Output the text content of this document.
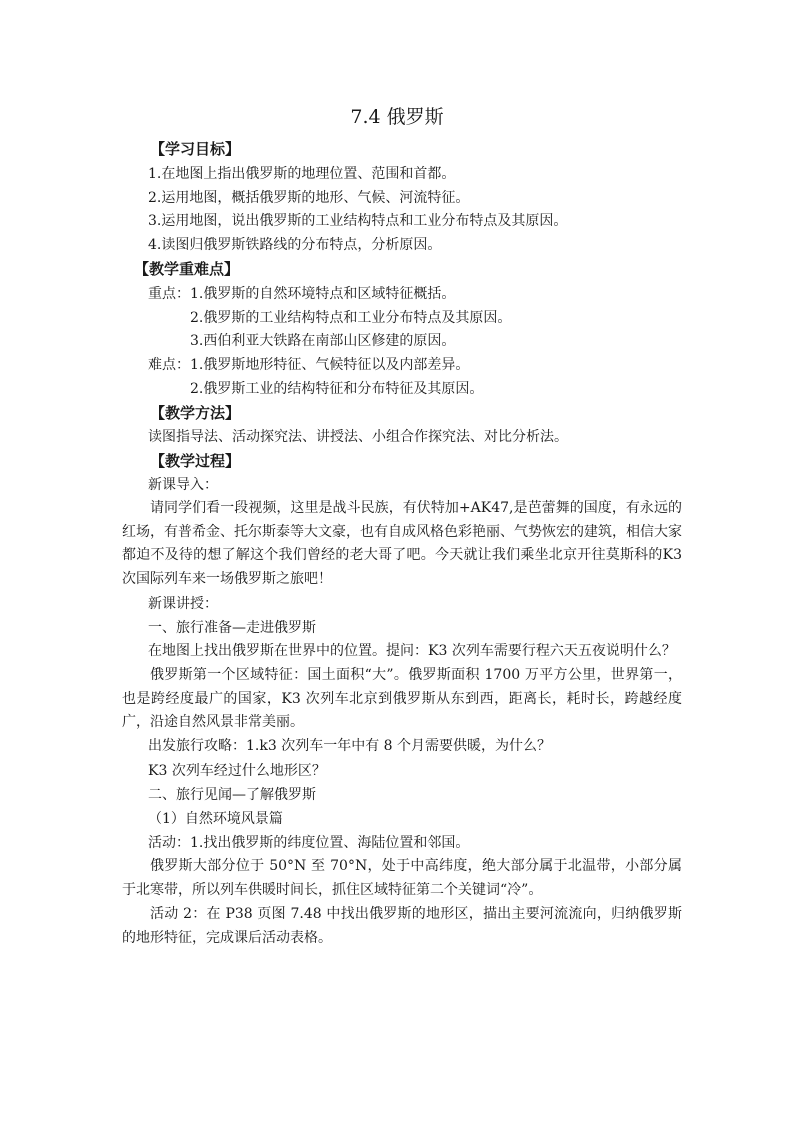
7.4 俄罗斯
【学习目标】
1.在地图上指出俄罗斯的地理位置、范围和首都。
2.运用地图，概括俄罗斯的地形、气候、河流特征。
3.运用地图，说出俄罗斯的工业结构特点和工业分布特点及其原因。
4.读图归俄罗斯铁路线的分布特点，分析原因。
【教学重难点】
重点：1.俄罗斯的自然环境特点和区域特征概括。
2.俄罗斯的工业结构特点和工业分布特点及其原因。
3.西伯利亚大铁路在南部山区修建的原因。
难点：1.俄罗斯地形特征、气候特征以及内部差异。
2.俄罗斯工业的结构特征和分布特征及其原因。
【教学方法】
读图指导法、活动探究法、讲授法、小组合作探究法、对比分析法。
【教学过程】
新课导入：
请同学们看一段视频，这里是战斗民族，有伏特加+AK47,是芭蕾舞的国度，有永远的红场，有普希金、托尔斯泰等大文豪，也有自成风格色彩艳丽、气势恢宏的建筑，相信大家都迫不及待的想了解这个我们曾经的老大哥了吧。今天就让我们乘坐北京开往莫斯科的K3次国际列车来一场俄罗斯之旅吧！
新课讲授：
一、旅行准备—走进俄罗斯
在地图上找出俄罗斯在世界中的位置。提问：K3 次列车需要行程六天五夜说明什么？
俄罗斯第一个区域特征：国土面积“大”。俄罗斯面积 1700 万平方公里，世界第一，也是跨经度最广的国家，K3 次列车北京到俄罗斯从东到西，距离长，耗时长，跨越经度广，沿途自然风景非常美丽。
出发旅行攻略：1.k3 次列车一年中有 8 个月需要供暖，为什么？
K3 次列车经过什么地形区？
二、旅行见闻—了解俄罗斯
（1）自然环境风景篇
活动：1.找出俄罗斯的纬度位置、海陆位置和邻国。
俄罗斯大部分位于 50°N 至 70°N，处于中高纬度，绝大部分属于北温带，小部分属于北寒带，所以列车供暖时间长，抓住区域特征第二个关键词“冷”。
活动 2：在 P38 页图 7.48 中找出俄罗斯的地形区，描出主要河流流向，归纳俄罗斯的地形特征，完成课后活动表格。
